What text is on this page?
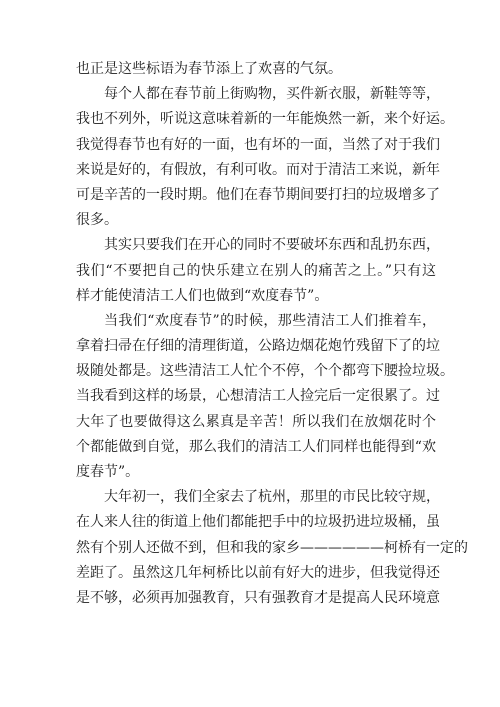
也正是这些标语为春节添上了欢喜的气氛。
每个人都在春节前上街购物，买件新衣服，新鞋等等，
我也不列外，听说这意味着新的一年能焕然一新，来个好运。
我觉得春节也有好的一面，也有坏的一面，当然了对于我们
来说是好的，有假放，有利可收。而对于清洁工来说，新年
可是辛苦的一段时期。他们在春节期间要打扫的垃圾增多了
很多。
其实只要我们在开心的同时不要破坏东西和乱扔东西，
我们“不要把自己的快乐建立在别人的痛苦之上。”只有这
样才能使清洁工人们也做到“欢度春节”。
当我们“欢度春节”的时候，那些清洁工人们推着车，
拿着扫帚在仔细的清理街道，公路边烟花炮竹残留下了的垃
圾随处都是。这些清洁工人忙个不停，个个都弯下腰捡垃圾。
当我看到这样的场景，心想清洁工人捡完后一定很累了。过
大年了也要做得这么累真是辛苦！所以我们在放烟花时个
个都能做到自觉，那么我们的清洁工人们同样也能得到“欢
度春节”。
大年初一，我们全家去了杭州，那里的市民比较守规，
在人来人往的街道上他们都能把手中的垃圾扔进垃圾桶，虽
然有个别人还做不到，但和我的家乡——————柯桥有一定的
差距了。虽然这几年柯桥比以前有好大的进步，但我觉得还
是不够，必须再加强教育，只有强教育才是提高人民环境意
